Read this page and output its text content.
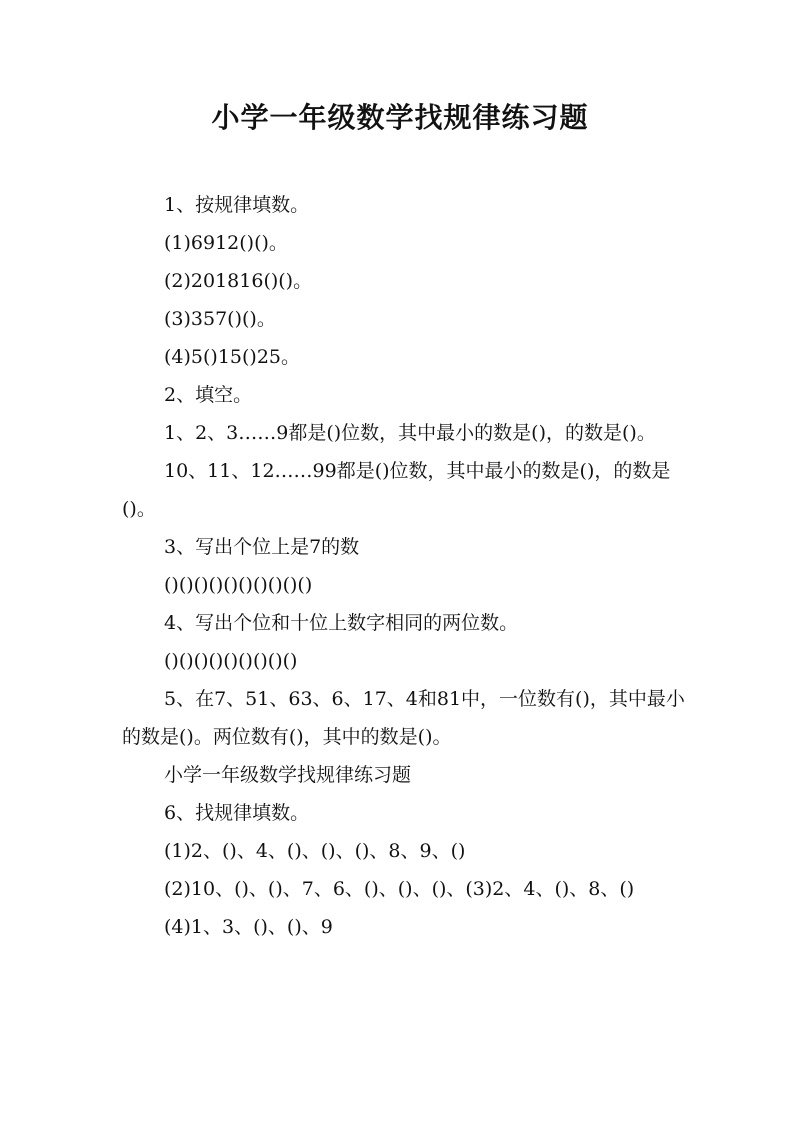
小学一年级数学找规律练习题

1、按规律填数。

(1)6912()()。

(2)201816()()。

(3)357()()。

(4)5()15()25。

2、填空。

1、2、3……9都是()位数，其中最小的数是()，的数是()。

10、11、12……99都是()位数，其中最小的数是()，的数是()。

3、写出个位上是7的数

()()()()()()()()()()

4、写出个位和十位上数字相同的两位数。

()()()()()()()()()

5、在7、51、63、6、17、4和81中，一位数有()，其中最小的数是()。两位数有()，其中的数是()。

小学一年级数学找规律练习题

6、找规律填数。

(1)2、()、4、()、()、()、8、9、()

(2)10、()、()、7、6、()、()、()、(3)2、4、()、8、()

(4)1、3、()、()、9
